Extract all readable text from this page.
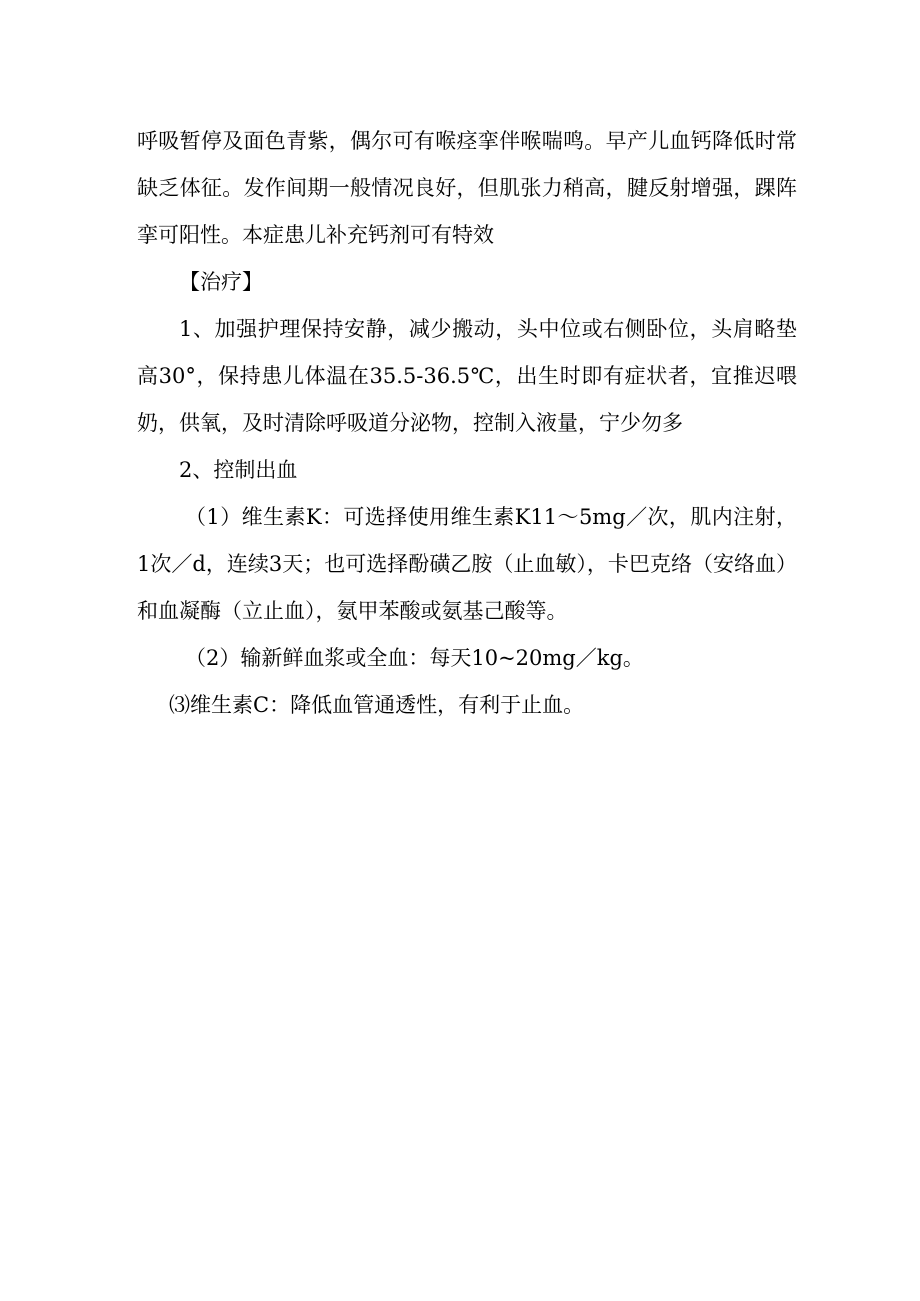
呼吸暂停及面色青紫，偶尔可有喉痉挛伴喉喘鸣。早产儿血钙降低时常缺乏体征。发作间期一般情况良好，但肌张力稍高，腱反射增强，踝阵挛可阳性。本症患儿补充钙剂可有特效

【治疗】

1、加强护理保持安静，减少搬动，头中位或右侧卧位，头肩略垫高30°，保持患儿体温在35.5-36.5℃，出生时即有症状者，宜推迟喂奶，供氧，及时清除呼吸道分泌物，控制入液量，宁少勿多

2、控制出血

（1）维生素K：可选择使用维生素K11～5mg／次，肌内注射，1次／d，连续3天；也可选择酚磺乙胺（止血敏），卡巴克络（安络血）和血凝酶（立止血），氨甲苯酸或氨基己酸等。

（2）输新鲜血浆或全血：每天10~20mg／kg。

⑶维生素C：降低血管通透性，有利于止血。
